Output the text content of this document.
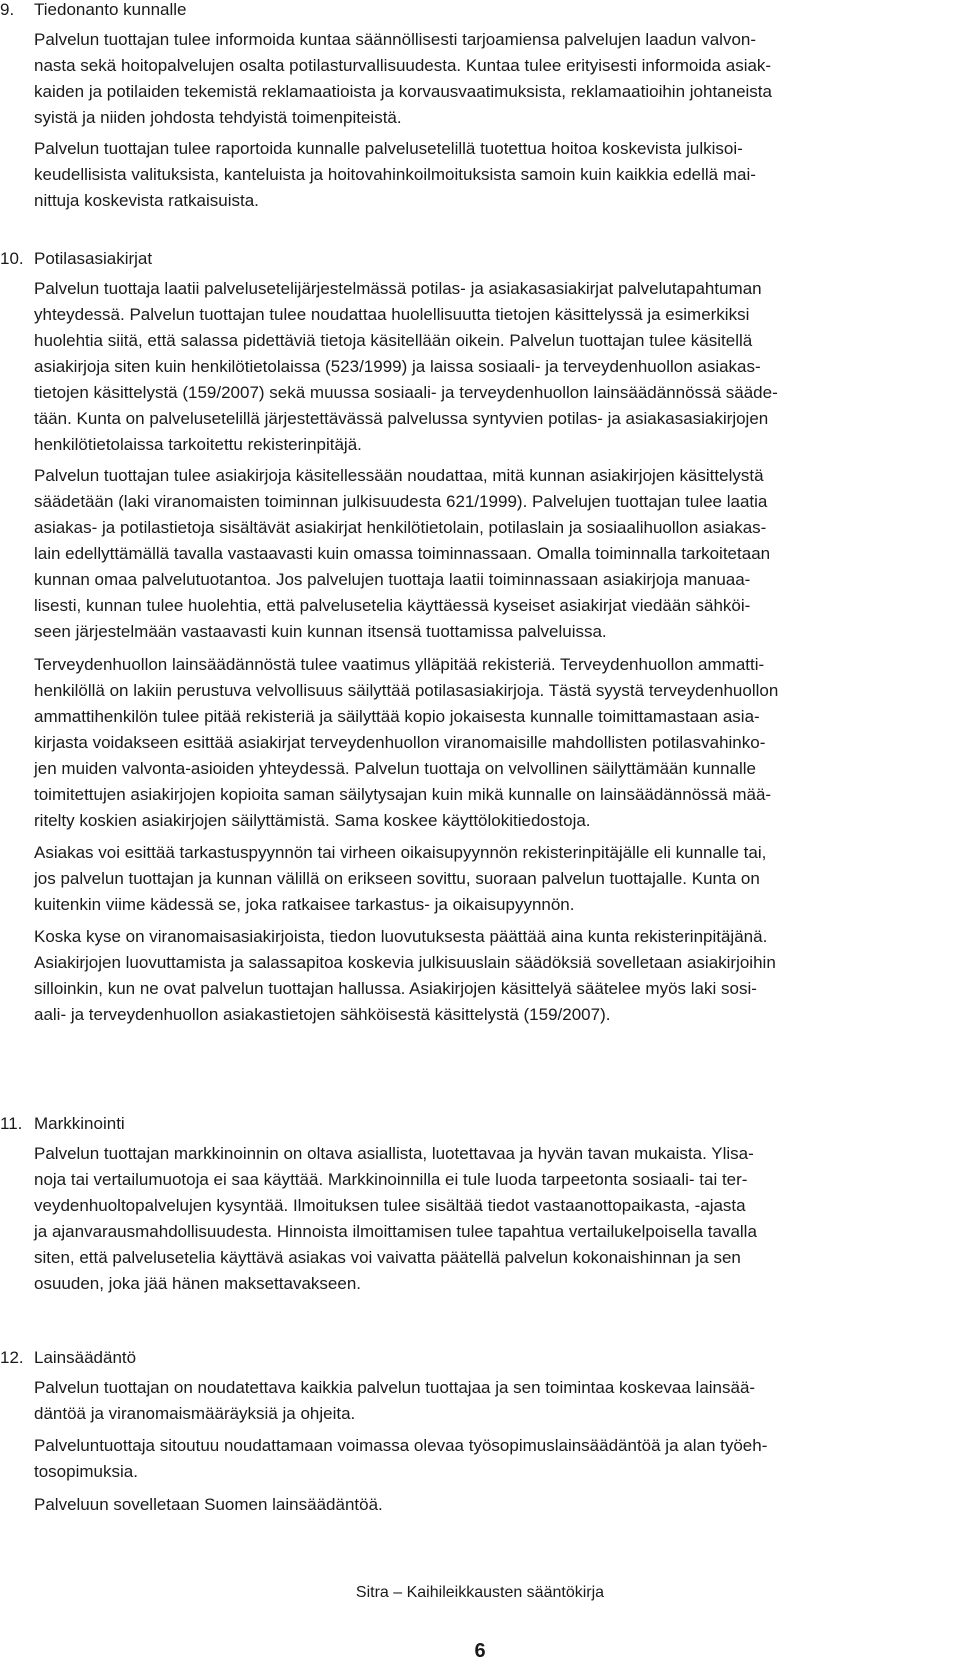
9. Tiedonanto kunnalle
Palvelun tuottajan tulee informoida kuntaa säännöllisesti tarjoamiensa palvelujen laadun valvon-
nasta sekä hoitopalvelujen osalta potilasturvallisuudesta. Kuntaa tulee erityisesti informoida asiak-
kaiden ja potilaiden tekemistä reklamaatioista ja korvausvaatimuksista, reklamaatioihin johtaneista
syistä ja niiden johdosta tehdyistä toimenpiteistä.
Palvelun tuottajan tulee raportoida kunnalle palvelusetelillä tuotettua hoitoa koskevista julkisoi-
keudellisista valituksista, kanteluista ja hoitovahinkoilmoituksista samoin kuin kaikkia edellä mai-
nittuja koskevista ratkaisuista.
10. Potilasasiakirjat
Palvelun tuottaja laatii palvelusetelijärjestelmässä potilas- ja asiakasasiakirjat palvelutapahtuman
yhteydessä. Palvelun tuottajan tulee noudattaa huolellisuutta tietojen käsittelyssä ja esimerkiksi
huolehtia siitä, että salassa pidettäviä tietoja käsitellään oikein. Palvelun tuottajan tulee käsitellä
asiakirjoja siten kuin henkilötietolaissa (523/1999) ja laissa sosiaali- ja terveydenhuollon asiakas-
tietojen käsittelystä (159/2007) sekä muussa sosiaali- ja terveydenhuollon lainsäädännössä sääde-
tään. Kunta on palvelusetelillä järjestettävässä palvelussa syntyvien potilas- ja asiakasasiakirjojen
henkilötietolaissa tarkoitettu rekisterinpitäjä.
Palvelun tuottajan tulee asiakirjoja käsitellessään noudattaa, mitä kunnan asiakirjojen käsittelystä
säädetään (laki viranomaisten toiminnan julkisuudesta 621/1999). Palvelujen tuottajan tulee laatia
asiakas- ja potilastietoja sisältävät asiakirjat henkilötietolain, potilaslain ja sosiaalihuollon asiakas-
lain edellyttämällä tavalla vastaavasti kuin omassa toiminnassaan. Omalla toiminnalla tarkoitetaan
kunnan omaa palvelutuotantoa. Jos palvelujen tuottaja laatii toiminnassaan asiakirjoja manuaa-
lisesti, kunnan tulee huolehtia, että palvelusetelia käyttäessä kyseiset asiakirjat viedään sähköi-
seen järjestelmään vastaavasti kuin kunnan itsensä tuottamissa palveluissa.
Terveydenhuollon lainsäädännöstä tulee vaatimus ylläpitää rekisteriä. Terveydenhuollon ammatti-
henkilöllä on lakiin perustuva velvollisuus säilyttää potilasasiakirjoja. Tästä syystä terveydenhuollon
ammattihenkilön tulee pitää rekisteriä ja säilyttää kopio jokaisesta kunnalle toimittamastaan asia-
kirjasta voidakseen esittää asiakirjat terveydenhuollon viranomaisille mahdollisten potilasvahinko-
jen muiden valvonta-asioiden yhteydessä. Palvelun tuottaja on velvollinen säilyttämään kunnalle
toimitettujen asiakirjojen kopioita saman säilytysajan kuin mikä kunnalle on lainsäädännössä mää-
ritelty koskien asiakirjojen säilyttämistä. Sama koskee käyttölokitiedostoja.
Asiakas voi esittää tarkastuspyynnön tai virheen oikaisupyynnön rekisterinpitäjälle eli kunnalle tai,
jos palvelun tuottajan ja kunnan välillä on erikseen sovittu, suoraan palvelun tuottajalle. Kunta on
kuitenkin viime kädessä se, joka ratkaisee tarkastus- ja oikaisupyynnön.
Koska kyse on viranomaisasiakirjoista, tiedon luovutuksesta päättää aina kunta rekisterinpitäjänä.
Asiakirjojen luovuttamista ja salassapitoa koskevia julkisuuslain säädöksiä sovelletaan asiakirjoihin
silloinkin, kun ne ovat palvelun tuottajan hallussa. Asiakirjojen käsittelyä säätelee myös laki sosi-
aali- ja terveydenhuollon asiakastietojen sähköisestä käsittelystä (159/2007).
11. Markkinointi
Palvelun tuottajan markkinoinnin on oltava asiallista, luotettavaa ja hyvän tavan mukaista. Ylisa-
noja tai vertailumuotoja ei saa käyttää. Markkinoinnilla ei tule luoda tarpeetonta sosiaali- tai ter-
veydenhuoltopalvelujen kysyntää. Ilmoituksen tulee sisältää tiedot vastaanottopaikasta, -ajasta
ja ajanvarausmahdollisuudesta. Hinnoista ilmoittamisen tulee tapahtua vertailukelpoisella tavalla
siten, että palvelusetelia käyttävä asiakas voi vaivatta päätellä palvelun kokonaishinnan ja sen
osuuden, joka jää hänen maksettavakseen.
12. Lainsäädäntö
Palvelun tuottajan on noudatettava kaikkia palvelun tuottajaa ja sen toimintaa koskevaa lainsää-
däntöä ja viranomaismääräyksiä ja ohjeita.
Palveluntuottaja sitoutuu noudattamaan voimassa olevaa työsopimuslainsäädäntöä ja alan työeh-
tosopimuksia.
Palveluun sovelletaan Suomen lainsäädäntöä.
Sitra – Kaihileikkausten sääntökirja
6
